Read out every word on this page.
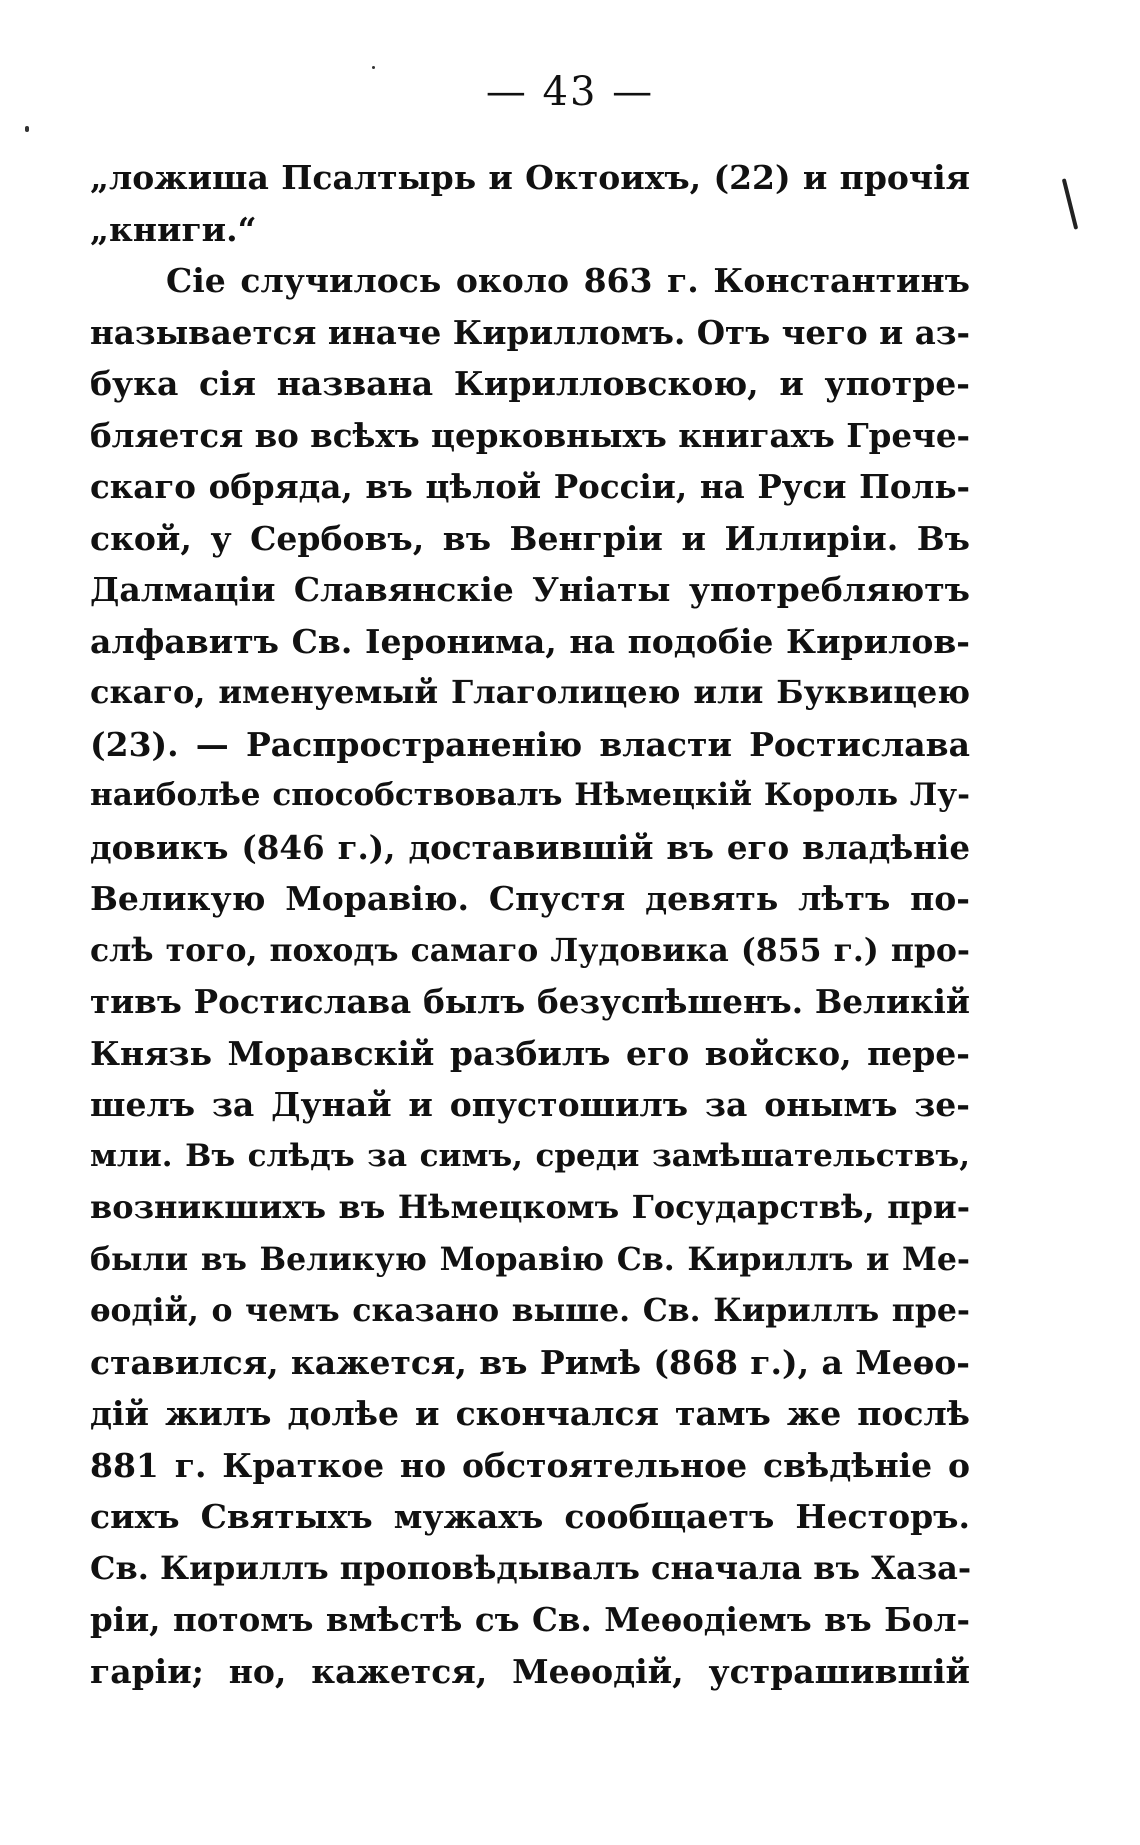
— 43 —
„ложиша Псалтырь и Октоихъ, (22) и прочія
„книги.“
Сіе случилось около 863 г. Константинъ
называется иначе Кирилломъ. Отъ чего и аз-
бука сія названа Кирилловскою, и употре-
бляется во всѣхъ церковныхъ книгахъ Грече-
скаго обряда, въ цѣлой Россіи, на Руси Поль-
ской, у Сербовъ, въ Венгріи и Иллиріи. Въ
Далмаціи Славянскіе Уніаты употребляютъ
алфавитъ Св. Іеронима, на подобіе Кирилов-
скаго, именуемый Глаголицею или Буквицею
(23). — Распространенію власти Ростислава
наиболѣе способствовалъ Нѣмецкій Король Лу-
довикъ (846 г.), доставившій въ его владѣніе
Великую Моравію. Спустя девять лѣтъ по-
слѣ того, походъ самаго Лудовика (855 г.) про-
тивъ Ростислава былъ безуспѣшенъ. Великій
Князь Моравскій разбилъ его войско, пере-
шелъ за Дунай и опустошилъ за онымъ зе-
мли. Въ слѣдъ за симъ, среди замѣшательствъ,
возникшихъ въ Нѣмецкомъ Государствѣ, при-
были въ Великую Моравію Св. Кириллъ и Ме-
ѳодій, о чемъ сказано выше. Св. Кириллъ пре-
ставился, кажется, въ Римѣ (868 г.), а Меѳо-
дій жилъ долѣе и скончался тамъ же послѣ
881 г. Краткое но обстоятельное свѣдѣніе о
сихъ Святыхъ мужахъ сообщаетъ Несторъ.
Св. Кириллъ проповѣдывалъ сначала въ Хаза-
ріи, потомъ вмѣстѣ съ Св. Меѳодіемъ въ Бол-
гаріи; но, кажется, Меѳодій, устрашившій
